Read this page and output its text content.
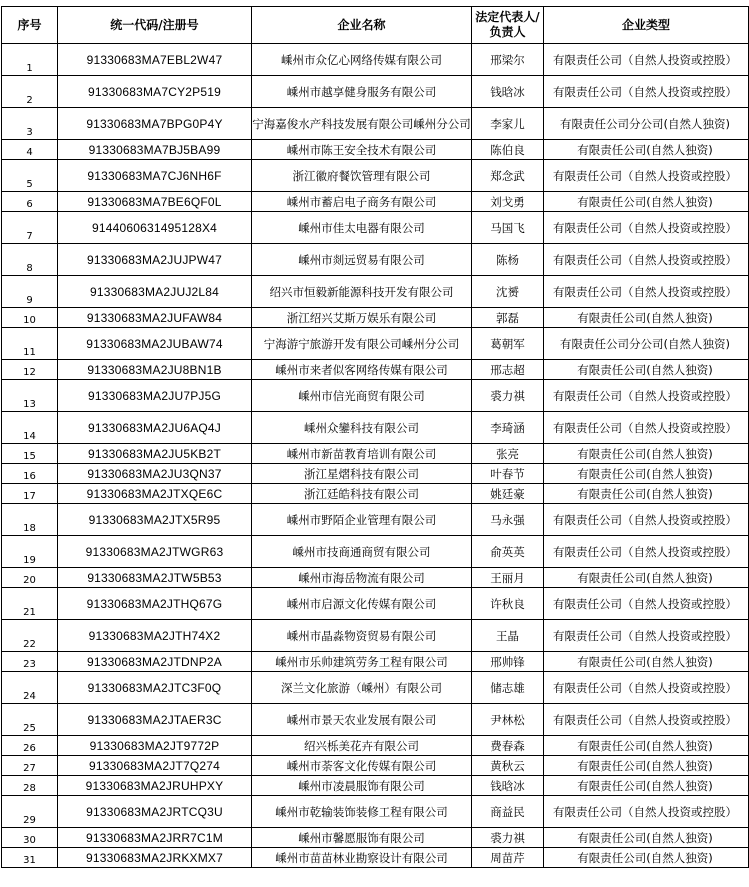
序号	统一代码/注册号	企业名称	法定代表人/负责人	企业类型
1	91330683MA7EBL2W47	嵊州市众亿心网络传媒有限公司	邢梁尔	有限责任公司（自然人投资或控股）
2	91330683MA7CY2P519	嵊州市越享健身服务有限公司	钱晗冰	有限责任公司（自然人投资或控股）
3	91330683MA7BPG0P4Y	宁海嘉俊水产科技发展有限公司嵊州分公司	李家儿	有限责任公司分公司(自然人独资)
4	91330683MA7BJ5BA99	嵊州市陈王安全技术有限公司	陈伯良	有限责任公司(自然人独资)
5	91330683MA7CJ6NH6F	浙江徽府餐饮管理有限公司	郑念武	有限责任公司（自然人投资或控股）
6	91330683MA7BE6QF0L	嵊州市蓄启电子商务有限公司	刘戈勇	有限责任公司(自然人独资)
7	9144060631495128X4	嵊州市佳太电器有限公司	马国飞	有限责任公司（自然人投资或控股）
8	91330683MA2JUJPW47	嵊州市剡远贸易有限公司	陈杨	有限责任公司（自然人投资或控股）
9	91330683MA2JUJ2L84	绍兴市恒毅新能源科技开发有限公司	沈赟	有限责任公司（自然人投资或控股）
10	91330683MA2JUFAW84	浙江绍兴艾斯万娱乐有限公司	郭磊	有限责任公司(自然人独资)
11	91330683MA2JUBAW74	宁海游宁旅游开发有限公司嵊州分公司	葛朝军	有限责任公司分公司(自然人独资)
12	91330683MA2JU8BN1B	嵊州市来者似客网络传媒有限公司	邢志超	有限责任公司(自然人独资)
13	91330683MA2JU7PJ5G	嵊州市信光商贸有限公司	裘力祺	有限责任公司（自然人投资或控股）
14	91330683MA2JU6AQ4J	嵊州众鑾科技有限公司	李琦涵	有限责任公司（自然人投资或控股）
15	91330683MA2JU5KB2T	嵊州市新苗教育培训有限公司	张亮	有限责任公司(自然人独资)
16	91330683MA2JU3QN37	浙江星熠科技有限公司	叶春节	有限责任公司(自然人独资)
17	91330683MA2JTXQE6C	浙江廷皓科技有限公司	姚廷豪	有限责任公司(自然人独资)
18	91330683MA2JTX5R95	嵊州市野陌企业管理有限公司	马永强	有限责任公司（自然人投资或控股）
19	91330683MA2JTWGR63	嵊州市技商通商贸有限公司	俞英英	有限责任公司（自然人投资或控股）
20	91330683MA2JTW5B53	嵊州市海岳物流有限公司	王丽月	有限责任公司(自然人独资)
21	91330683MA2JTHQ67G	嵊州市启源文化传媒有限公司	许秋良	有限责任公司（自然人投资或控股）
22	91330683MA2JTH74X2	嵊州市晶淼物资贸易有限公司	王晶	有限责任公司（自然人投资或控股）
23	91330683MA2JTDNP2A	嵊州市乐帅建筑劳务工程有限公司	邢帅锋	有限责任公司(自然人独资)
24	91330683MA2JTC3F0Q	深兰文化旅游（嵊州）有限公司	储志雄	有限责任公司（自然人投资或控股）
25	91330683MA2JTAER3C	嵊州市景天农业发展有限公司	尹林松	有限责任公司（自然人投资或控股）
26	91330683MA2JT9772P	绍兴栎美花卉有限公司	费春森	有限责任公司(自然人独资)
27	91330683MA2JT7Q274	嵊州市荼客文化传媒有限公司	黄秋云	有限责任公司(自然人独资)
28	91330683MA2JRUHPXY	嵊州市凌晨服饰有限公司	钱晗冰	有限责任公司(自然人独资)
29	91330683MA2JRTCQ3U	嵊州市乾输装饰装修工程有限公司	商益民	有限责任公司（自然人投资或控股）
30	91330683MA2JRR7C1M	嵊州市馨愿服饰有限公司	裘力祺	有限责任公司(自然人独资)
31	91330683MA2JRKXMX7	嵊州市苗苗林业勘察设计有限公司	周苗芹	有限责任公司(自然人独资)
